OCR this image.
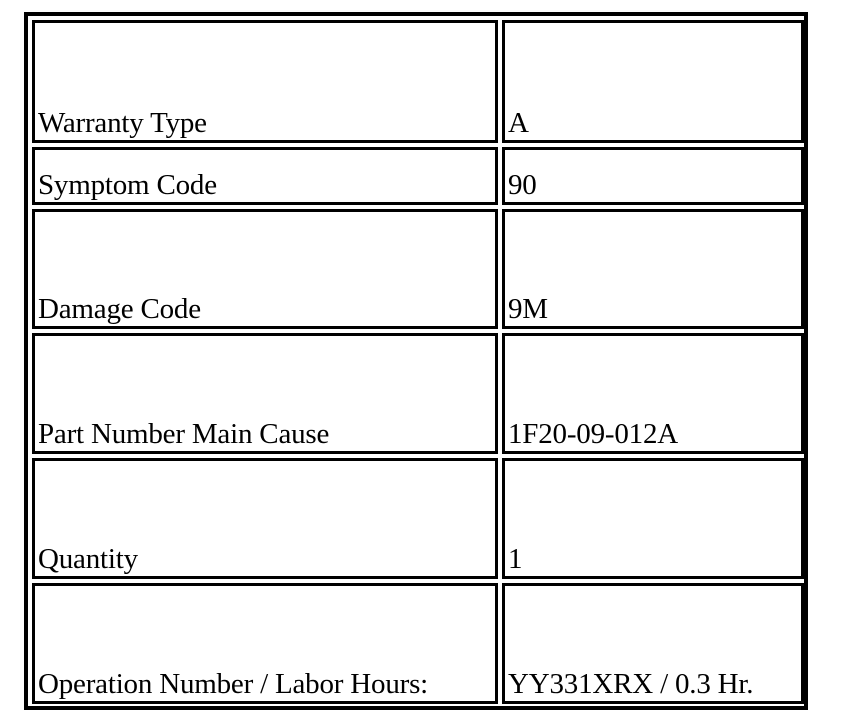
Warranty Type	A
Symptom Code	90
Damage Code	9M
Part Number Main Cause	1F20-09-012A
Quantity	1
Operation Number / Labor Hours:	YY331XRX / 0.3 Hr.
